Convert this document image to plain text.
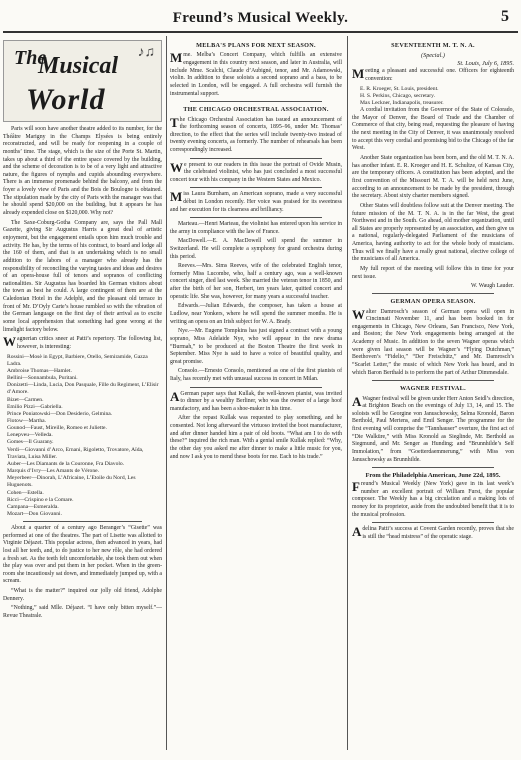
Freund’s Musical Weekly.	5
The
Musical
World
♪♫

Paris will soon have another theatre added to its number, for the Théâtre Marigny in the Champs Elysées is being entirely reconstructed, and will be ready for reopening in a couple of months’ time. The stage, which is the size of the Porte St. Martin, takes up about a third of the entire space covered by the building, and the scheme of decoration is to be of a very light and attractive nature, the figures of nymphs and cupids abounding everywhere. There is an immense promenade behind the balcony, and from the foyer a lovely view of Paris and the Bois de Boulogne is obtained. The stipulation made by the city of Paris with the manager was that he should spend $20,000 on the building, but it appears he has already expended close on $120,000. Why not?

The Saxe-Coburg-Gotha Company are, says the Pall Mall Gazette, giving Sir Augustus Harris a great deal of artistic enjoyment, but the engagement entails upon him much trouble and activity. He has, by the terms of his contract, to board and lodge all the 160 of them, and that is an undertaking which is no small addition to the labors of a manager who already has the responsibility of reconciling the varying tastes and ideas and desires of an opera-house full of tenors and sopranos of conflicting nationalities. Sir Augustus has boarded his German visitors about the town as best he could. A large contingent of them are at the Caledonian Hotel in the Adelphi, and the pleasant old terrace in front of Mr. D’Oyly Carte’s house rumbled so with the vibration of the German language on the first day of their arrival as to excite some local apprehension that something had gone wrong at the limelight factory below.

Wagnerian critics sneer at Patti’s repertory. The following list, however, is interesting:

Rossini—Mosè in Egypt, Barbiere, Otello, Semiramide, Gazza Ladra.
Ambroise Thomas—Hamlet.
Bellini—Sonnambula, Puritani.
Donizetti—Linda, Lucia, Don Pasquale, Fille du Regiment, L’Elisir d’Amore.
Bizet—Carmen.
Emilio Pizzi—Gabriella.
Prince Poniatowski—Don Desiderio, Gelmina.
Flotow—Martha.
Gounod—Faust, Mireille, Romeo et Juliette.
Lenepveu—Velleda.
Gomes—Il Guarany.
Verdi—Giovanni d’Arco, Ernani, Rigoletto, Trovatore, Aïda, Traviata, Luisa Miller.
Auber—Les Diamants de la Couronne, Fra Diavolo.
Marquis d’Ivry—Les Amants de Vérone.
Meyerbeer—Dinorah, L’Africaine, L’Etoile du Nord, Les Huguenots.
Cohen—Estella.
Ricci—Crispino e la Comare.
Campana—Esmeralda.
Mozart—Don Giovanni.

About a quarter of a century ago Beranger’s “Gisette” was performed at one of the theatres. The part of Lisette was allotted to Virginie Déjazet. This popular actress, then advanced in years, had lost all her teeth, and, to do justice to her new rôle, she had ordered a fresh set. As the teeth felt uncomfortable, she took them out when the play was over and put them in her pocket. When in the green-room she incautiously sat down, and immediately jumped up, with a scream.

“What is the matter?” inquired our jolly old friend, Adolphe Dennery.

“Nothing,” said Mlle. Déjazet. “I have only bitten myself.”—Revue Theatrale.

MELBA'S PLANS FOR NEXT SEASON.

Mme. Melba’s Concert Company, which fulfills an extensive engagement in this country next season, and later in Australia, will include Mme. Scalchi, Claude d’Aubigné, tenor, and Mr. Adamowski, violin. In addition to these soloists a second soprano and a bass, to be selected in London, will be engaged. A full orchestra will furnish the instrumental support.

THE CHICAGO ORCHESTRAL ASSOCIATION.

The Chicago Orchestral Association has issued an announcement of the forthcoming season of concerts, 1895–96, under Mr. Thomas’ direction, to the effect that the series will include twenty-two instead of twenty evening concerts, as formerly. The number of rehearsals has been correspondingly increased.

We present to our readers in this issue the portrait of Ovide Musin, the celebrated violinist, who has just concluded a most successful concert tour with his company in the Western States and Mexico.

Miss Laura Burnham, an American soprano, made a very successful début in London recently. Her voice was praised for its sweetness and her execution for its clearness and brilliancy.

Marteau.—Henri Marteau, the violinist has entered upon his service in the army in compliance with the law of France.

MacDowell.—E. A. MacDowell will spend the summer in Switzerland. He will complete a symphony for grand orchestra during this period.

Reeves.—Mrs. Sims Reeves, wife of the celebrated English tenor, formerly Miss Lucombe, who, half a century ago, was a well-known concert singer, died last week. She married the veteran tenor in 1850, and after the birth of her son, Herbert, ten years later, quitted concert and operatic life. She was, however, for many years a successful teacher.

Edwards.—Julian Edwards, the composer, has taken a house at Ludlow, near Yonkers, where he will spend the summer months. He is writing an opera on an Irish subject for W. A. Brady.

Nye.—Mr. Eugene Tompkins has just signed a contract with a young soprano, Miss Adelaide Nye, who will appear in the new drama “Burmah,” to be produced at the Boston Theatre the first week in September. Miss Nye is said to have a voice of beautiful quality, and great promise.

Consolo.—Ernesto Consolo, mentioned as one of the first pianists of Italy, has recently met with unusual success in concert in Milan.

AGerman paper says that Kullak, the well-known pianist, was invited to dinner by a wealthy Berliner, who was the owner of a large hoof manufactory, and has been a shoe-maker in his time.

After the repast Kullak was requested to play something, and he consented. Not long afterward the virtuoso invited the boot manufacturer, and after dinner handed him a pair of old boots. “What am I to do with these?” inquired the rich man. With a genial smile Kullak replied: “Why, the other day you asked me after dinner to make a little music for you, and now I ask you to mend these boots for me. Each to his trade.”

SEVENTEENTH M. T. N. A.
(Special.)
St. Louis, July 6, 1895.

Meeting a pleasant and successful one. Officers for eighteenth convention:

E. R. Kroeger, St. Louis, president.
H. S. Perkins, Chicago, secretary.
Max Leckner, Indianapolis, treasurer.

A cordial invitation from the Governor of the State of Colorado, the Mayor of Denver, the Board of Trade and the Chamber of Commerce of that city, being read, requesting the pleasure of having the next meeting in the City of Denver, it was unanimously resolved to accept this very cordial and promising bid to the Chicago of the far West.

Another State organization has been born, and the old M. T. N. A. has another infant. E. R. Kroeger and H. E. Schultze, of Kansas City, are the temporary officers. A constitution has been adopted, and the first convention of the Missouri M. T. A. will be held next June, according to an announcement to be made by the president, through the secretary. About sixty charter members signed.

Other States will doubtless follow suit at the Denver meeting. The future mission of the M. T. N. A. is in the far West, the great Northwest and in the South. Go ahead, old mother organization, until all States are properly represented by an association, and then give us a national, regularly-delegated Parliament of the musicians of America, having authority to act for the whole body of musicians. Thus will we finally have a really great national, elective college of the musicians of all America.

My full report of the meeting will follow this in time for your next issue.

W. Waugh Lauder.
GERMAN OPERA SEASON.

Walter Damrosch’s season of German opera will open in Cincinnati November 11, and has been booked in for engagements in Chicago, New Orleans, San Francisco, New York, and Boston; the New York engagements being arranged at the Academy of Music. In addition to the seven Wagner operas which were given last season will be Wagner’s “Flying Dutchman,” Beethoven’s “Fidelio,” “Der Freischütz,” and Mr. Damrosch’s “Scarlet Letter,” the music of which New York has heard, and in which Baron Berthald is to perform the part of Arthur Dimmesdale.

WAGNER FESTIVAL.

AWagner festival will be given under Herr Anton Seidl’s direction, at Brighton Beach on the evenings of July 13, 14, and 15. The soloists will be Georgine von Januschowsky, Selma Kronold, Baron Berthold, Paul Mertens, and Emil Senger. The programme for the first evening will comprise the “Tannhauser” overture, the first act of “Die Walküre,” with Miss Kronold as Sieglinde, Mr. Berthold as Siegmund, and Mr. Senger as Hunding; and “Brunnhilde’s Self Immolation,” from “Goetterdaemmerung,” with Miss von Januschowsky as Brunnhilde.

From the Philadelphia American, June 22d, 1895.

Freund’s Musical Weekly (New York) gave in its last week’s number an excellent portrait of William Furst, the popular composer. The Weekly has a big circulation and a making lots of money for its proprietor, aside from the undoubted benefit that it is to the musical profession.

Adelina Patti’s success at Covent Garden recently, proves that she is still the “head mistress” of the operatic stage.
